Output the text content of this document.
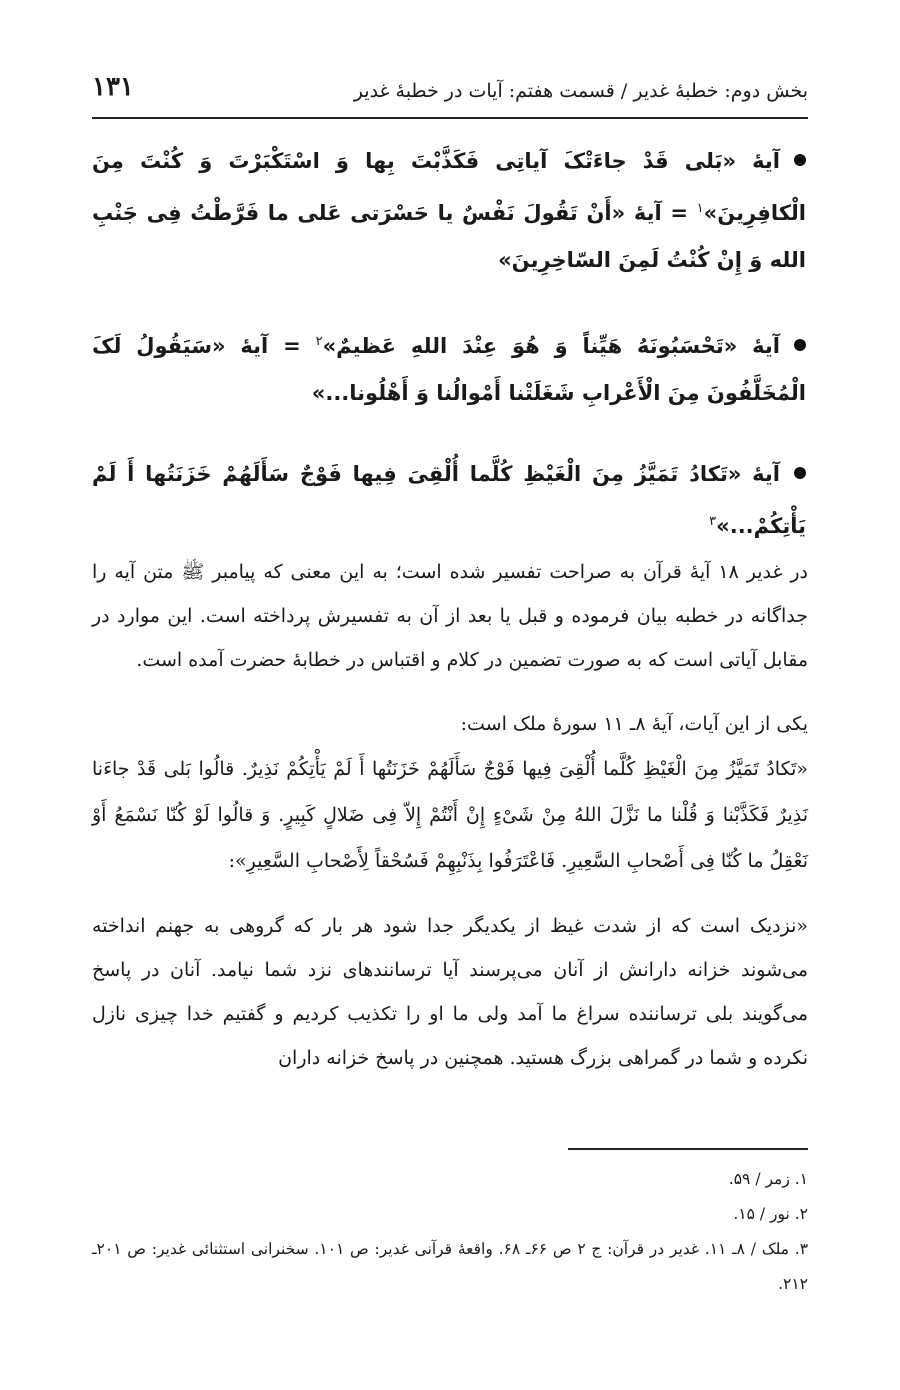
بخش دوم: خطبهٔ غدیر / قسمت هفتم: آیات در خطبهٔ غدیر
۱۳۱
آیهٔ «بَلی قَدْ جاءَتْکَ آیاتِی فَکَذَّبْتَ بِها وَ اسْتَکْبَرْتَ وَ کُنْتَ مِنَ الْکافِرِینَ»$^۱$ = آیهٔ «أَنْ تَقُولَ نَفْسٌ یا حَسْرَتی عَلی ما فَرَّطْتُ فِی جَنْبِ الله وَ إِنْ کُنْتُ لَمِنَ السّاخِرِینَ»
آیهٔ «تَحْسَبُونَهُ هَیِّناً وَ هُوَ عِنْدَ اللهِ عَظیمٌ»$^۲$ = آیهٔ «سَیَقُولُ لَکَ الْمُخَلَّفُونَ مِنَ الْأَعْرابِ شَغَلَتْنا أَمْوالُنا وَ أَهْلُونا...»
آیهٔ «تَکادُ تَمَیَّزُ مِنَ الْغَیْظِ کُلَّما أُلْقِیَ فِیها فَوْجٌ سَأَلَهُمْ خَزَنَتُها أَ لَمْ یَأْتِکُمْ...»$^۳$
در غدیر ۱۸ آیهٔ قرآن به صراحت تفسیر شده است؛ به این معنی که پیامبر ﷺ متن آیه را جداگانه در خطبه بیان فرموده و قبل یا بعد از آن به تفسیرش پرداخته است. این موارد در مقابل آیاتی است که به صورت تضمین در کلام و اقتباس در خطابهٔ حضرت آمده است.
یکی از این آیات، آیهٔ ۸ـ ۱۱ سورهٔ ملک است:
«تَکادُ تَمَیَّزُ مِنَ الْغَیْظِ کُلَّما أُلْقِیَ فِیها فَوْجٌ سَأَلَهُمْ خَزَنَتُها أَ لَمْ یَأْتِکُمْ نَذِیرٌ. قالُوا بَلی قَدْ جاءَنا نَذِیرٌ فَکَذَّبْنا وَ قُلْنا ما نَزَّلَ اللهُ مِنْ شَیْءٍ إِنْ أَنْتُمْ إِلاّ فِی ضَلالٍ کَبِیرٍ. وَ قالُوا لَوْ کُنّا نَسْمَعُ أَوْ نَعْقِلُ ما کُنّا فِی أَصْحابِ السَّعِیرِ. فَاعْتَرَفُوا بِذَنْبِهِمْ فَسُحْقاً لِأَصْحابِ السَّعِیرِ»:
«نزدیک است که از شدت غیظ از یکدیگر جدا شود هر بار که گروهی به جهنم انداخته می‌شوند خزانه دارانش از آنان می‌پرسند آیا ترسانندهای نزد شما نیامد. آنان در پاسخ می‌گویند بلی ترساننده سراغ ما آمد ولی ما او را تکذیب کردیم و گفتیم خدا چیزی نازل نکرده و شما در گمراهی بزرگ هستید. همچنین در پاسخ خزانه داران
۱. زمر / ۵۹.
۲. نور / ۱۵.
۳. ملک / ۸ـ ۱۱. غدیر در قرآن: ج ۲ ص ۶۶ـ ۶۸. واقعهٔ قرآنی غدیر: ص ۱۰۱. سخنرانی استثنائی غدیر: ص ۲۰۱ـ ۲۱۲.
